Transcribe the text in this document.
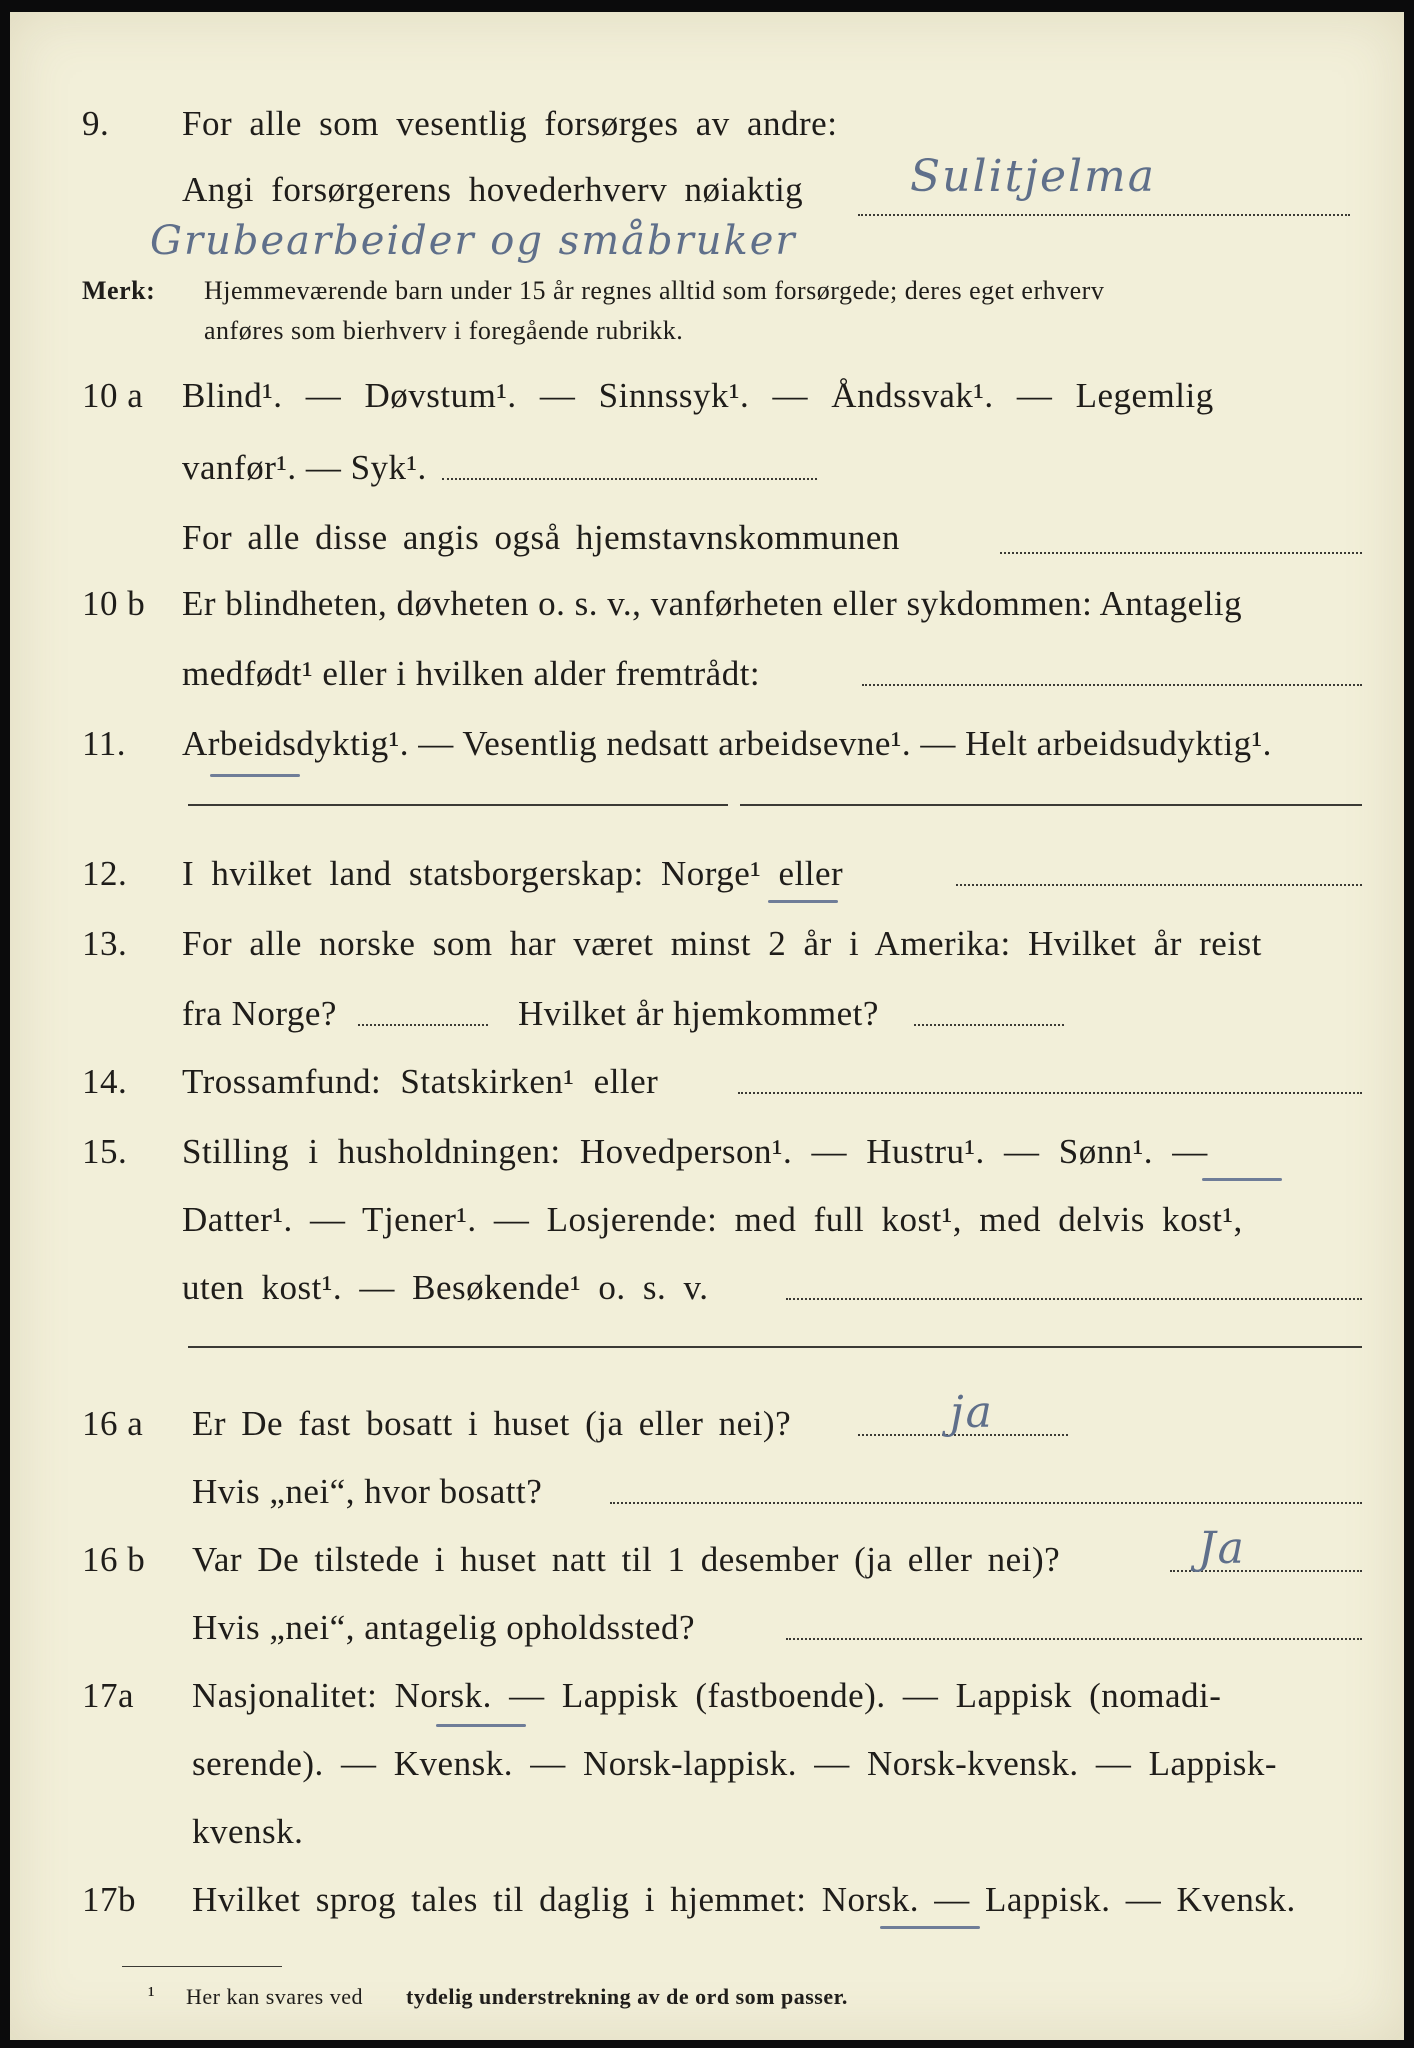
9. For alle som vesentlig forsørges av andre:
Angi forsørgerens hovederhverv nøiaktig Sulitjelma
Grubearbeider og småbruker
Merk: Hjemmeværende barn under 15 år regnes alltid som forsørgede; deres eget erhverv
anføres som bierhverv i foregående rubrikk.
10 a Blind¹. — Døvstum¹. — Sinnssyk¹. — Åndssvak¹. — Legemlig
vanfør¹. — Syk¹.
For alle disse angis også hjemstavnskommunen
10 b Er blindheten, døvheten o. s. v., vanførheten eller sykdommen: Antagelig
medfødt¹ eller i hvilken alder fremtrådt:
11. Arbeidsdyktig¹. — Vesentlig nedsatt arbeidsevne¹. — Helt arbeidsudyktig¹.
12. I hvilket land statsborgerskap: Norge¹ eller
13. For alle norske som har været minst 2 år i Amerika: Hvilket år reist
fra Norge?	Hvilket år hjemkommet?
14. Trossamfund: Statskirken¹ eller
15. Stilling i husholdningen: Hovedperson¹. — Hustru¹. — Sønn¹. —
Datter¹. — Tjener¹. — Losjerende: med full kost¹, med delvis kost¹,
uten kost¹. — Besøkende¹ o. s. v.
16 a Er De fast bosatt i huset (ja eller nei)?	ja
Hvis „nei“, hvor bosatt?
16 b Var De tilstede i huset natt til 1 desember (ja eller nei)?	Ja
Hvis „nei“, antagelig opholdssted?
17a Nasjonalitet: Norsk. — Lappisk (fastboende). — Lappisk (nomadi-
serende). — Kvensk. — Norsk-lappisk. — Norsk-kvensk. — Lappisk-
kvensk.
17b Hvilket sprog tales til daglig i hjemmet: Norsk. — Lappisk. — Kvensk.
¹ Her kan svares ved tydelig understrekning av de ord som passer.
